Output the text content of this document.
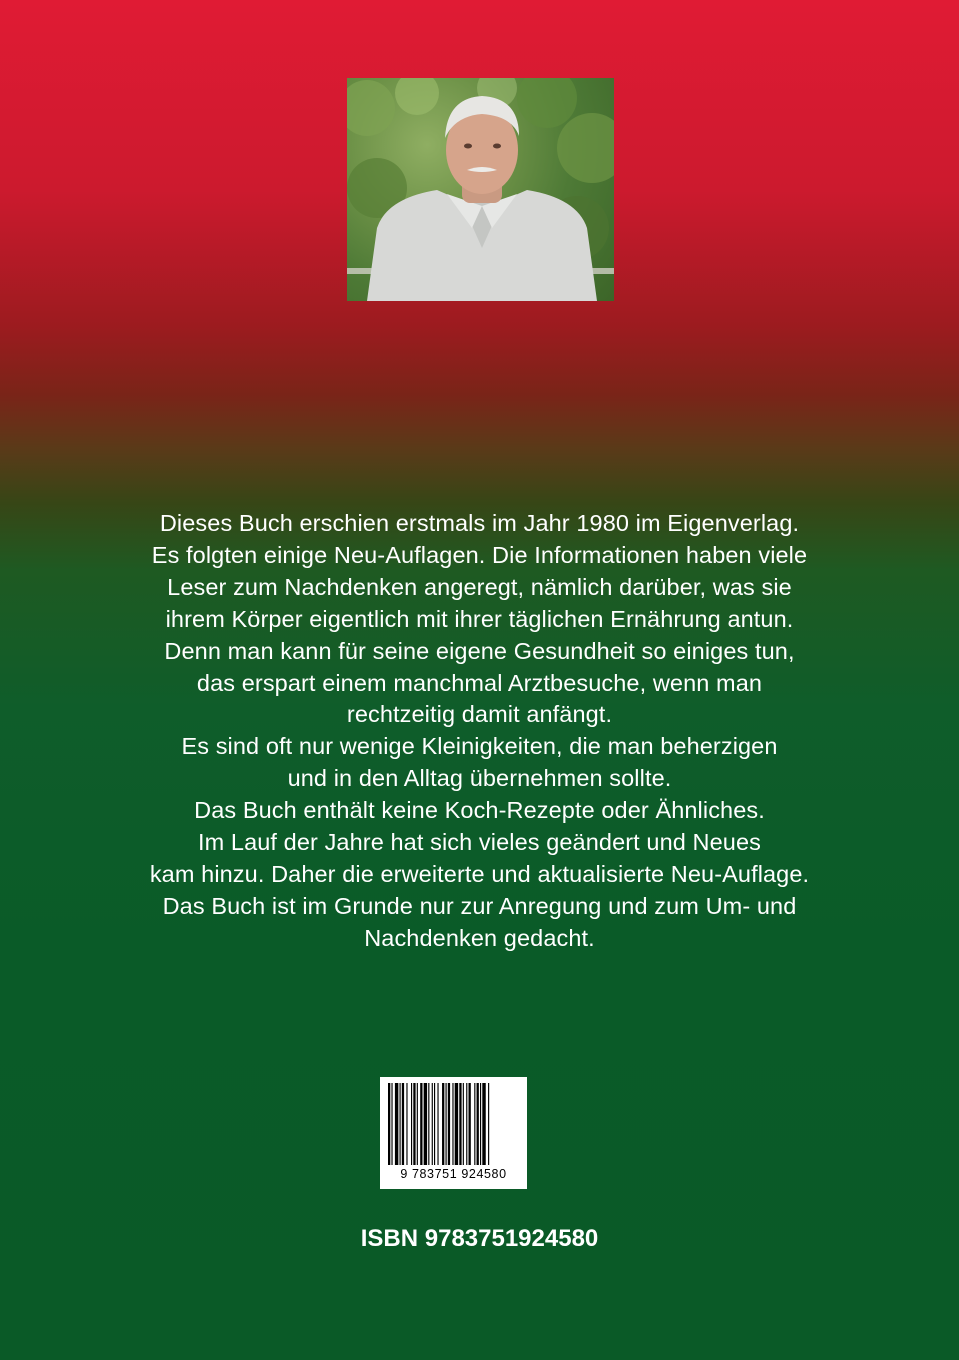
Dieses Buch erschien erstmals im Jahr 1980 im Eigenverlag.

Es folgten einige Neu-Auflagen. Die Informationen haben viele

Leser zum Nachdenken angeregt, nämlich darüber, was sie

ihrem Körper eigentlich mit ihrer täglichen Ernährung antun.

Denn man kann für seine eigene Gesundheit so einiges tun,

das erspart einem manchmal Arztbesuche, wenn man

rechtzeitig damit anfängt.

Es sind oft nur wenige Kleinigkeiten, die man beherzigen

und in den Alltag übernehmen sollte.

Das Buch enthält keine Koch-Rezepte oder Ähnliches.

Im Lauf der Jahre hat sich vieles geändert und Neues

kam hinzu. Daher die erweiterte und aktualisierte Neu-Auflage.

Das Buch ist im Grunde nur zur Anregung und zum Um- und

Nachdenken gedacht.

9 783751 924580
ISBN 9783751924580
